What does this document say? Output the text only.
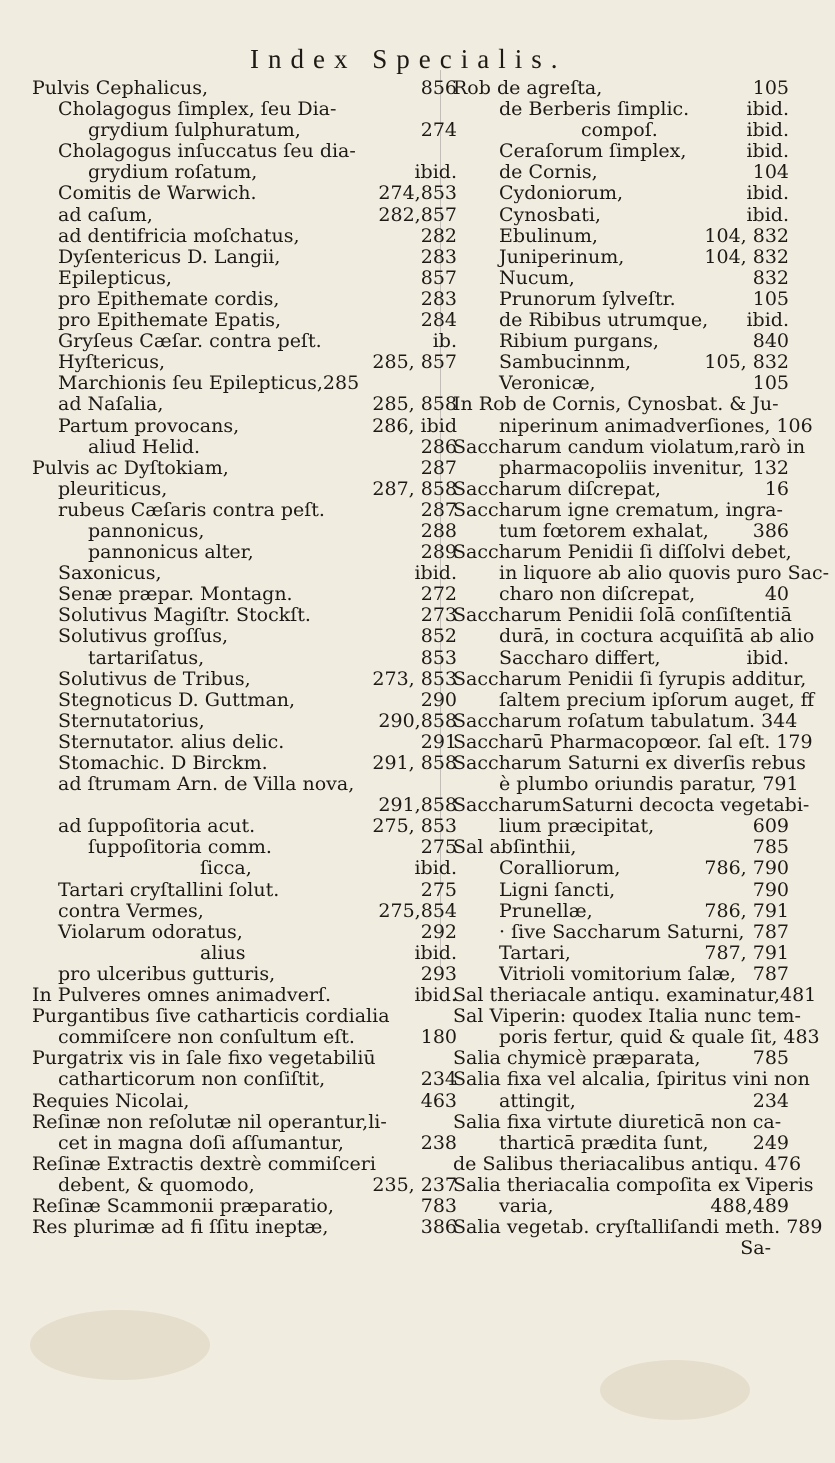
Index Specialis.
Pulvis Cephalicus,	856
Cholagogus ſimplex, ſeu Dia-
grydium ſulphuratum,	274
Cholagogus inſuccatus ſeu dia-
grydium roſatum,	ibid.
Comitis de Warwich.	274,853
ad caſum,	282,857
ad dentifricia moſchatus,	282
Dyſentericus D. Langii,	283
Epilepticus,	857
pro Epithemate cordis,	283
pro Epithemate Epatis,	284
Gryſeus Cæſar. contra peſt.	ib.
Hyſtericus,	285, 857
Marchionis ſeu Epilepticus,285
ad Naſalia,	285, 858
Partum provocans,	286, ibid
aliud Helid.	286
Pulvis ac Dyſtokiam,	287
pleuriticus,	287, 858
rubeus Cæſaris contra peſt.	287
pannonicus,	288
pannonicus alter,	289
Saxonicus,	ibid.
Senæ præpar. Montagn.	272
Solutivus Magiſtr. Stockſt.	273
Solutivus groſſus,	852
tartariſatus,	853
Solutivus de Tribus,	273, 853
Stegnoticus D. Guttman,	290
Sternutatorius,	290,858
Sternutator. alius delic.	291
Stomachic. D Birckm.	291, 858
ad ſtrumam Arn. de Villa nova,
291,858
ad ſuppoſitoria acut.	275, 853
ſuppoſitoria comm.	275
ſicca,	ibid.
Tartari cryſtallini ſolut.	275
contra Vermes,	275,854
Violarum odoratus,	292
alius	ibid.
pro ulceribus gutturis,	293
In Pulveres omnes animadverſ.	ibid.
Purgantibus ſive catharticis cordialia
commiſcere non conſultum eſt.	180
Purgatrix vis in ſale fixo vegetabiliū
catharticorum non conſiſtit,	234
Requies Nicolai,	463
Reſinæ non reſolutæ nil operantur,li-
cet in magna doſi aſſumantur,	238
Reſinæ Extractis dextrè commiſceri
debent, & quomodo,	235, 237
Reſinæ Scammonii præparatio,	783
Res plurimæ ad fi ſſitu ineptæ,	386
Rob de agreſta,	105
de Berberis ſimplic.	ibid.
compoſ.	ibid.
Ceraſorum ſimplex,	ibid.
de Cornis,	104
Cydoniorum,	ibid.
Cynosbati,	ibid.
Ebulinum,	104, 832
Juniperinum,	104, 832
Nucum,	832
Prunorum ſylveſtr.	105
de Ribibus utrumque,	ibid.
Ribium purgans,	840
Sambucinnm,	105, 832
Veronicæ,	105
In Rob de Cornis, Cynosbat. & Ju-
niperinum animadverſiones, 106
Saccharum candum violatum,rarò in
pharmacopoliis invenitur, 132
Saccharum diſcrepat,	16
Saccharum igne crematum, ingra-
tum fœtorem exhalat,	386
Saccharum Penidii ſi diſſolvi debet,
in liquore ab alio quovis puro Sac-
charo non diſcrepat,	40
Saccharum Penidii ſolā conſiſtentiā
durā, in coctura acquiſitā ab alio
Saccharo differt,	ibid.
Saccharum Penidii ſi ſyrupis additur,
ſaltem precium ipſorum auget, ff
Saccharum roſatum tabulatum. 344
Saccharū Pharmacopœor. ſal eſt. 179
Saccharum Saturni ex diverſis rebus
è plumbo oriundis paratur, 791
SaccharumSaturni decocta vegetabi-
lium præcipitat,	609
Sal abſinthii,	785
Coralliorum,	786, 790
Ligni ſancti,	790
Prunellæ,	786, 791
· ſive Saccharum Saturni, 787
Tartari,	787, 791
Vitrioli vomitorium ſalæ, 787
Sal theriacale antiqu. examinatur,481
Sal Viperin: quodex Italia nunc tem-
poris fertur, quid & quale ſit, 483
Salia chymicè præparata,	785
Salia fixa vel alcalia, ſpiritus vini non
attingit,	234
Salia fixa virtute diureticā non ca-
tharticā prædita ſunt,	249
de Salibus theriacalibus antiqu. 476
Salia theriacalia compoſita ex Viperis
varia,	488,489
Salia vegetab. cryſtalliſandi meth. 789
Sa-
